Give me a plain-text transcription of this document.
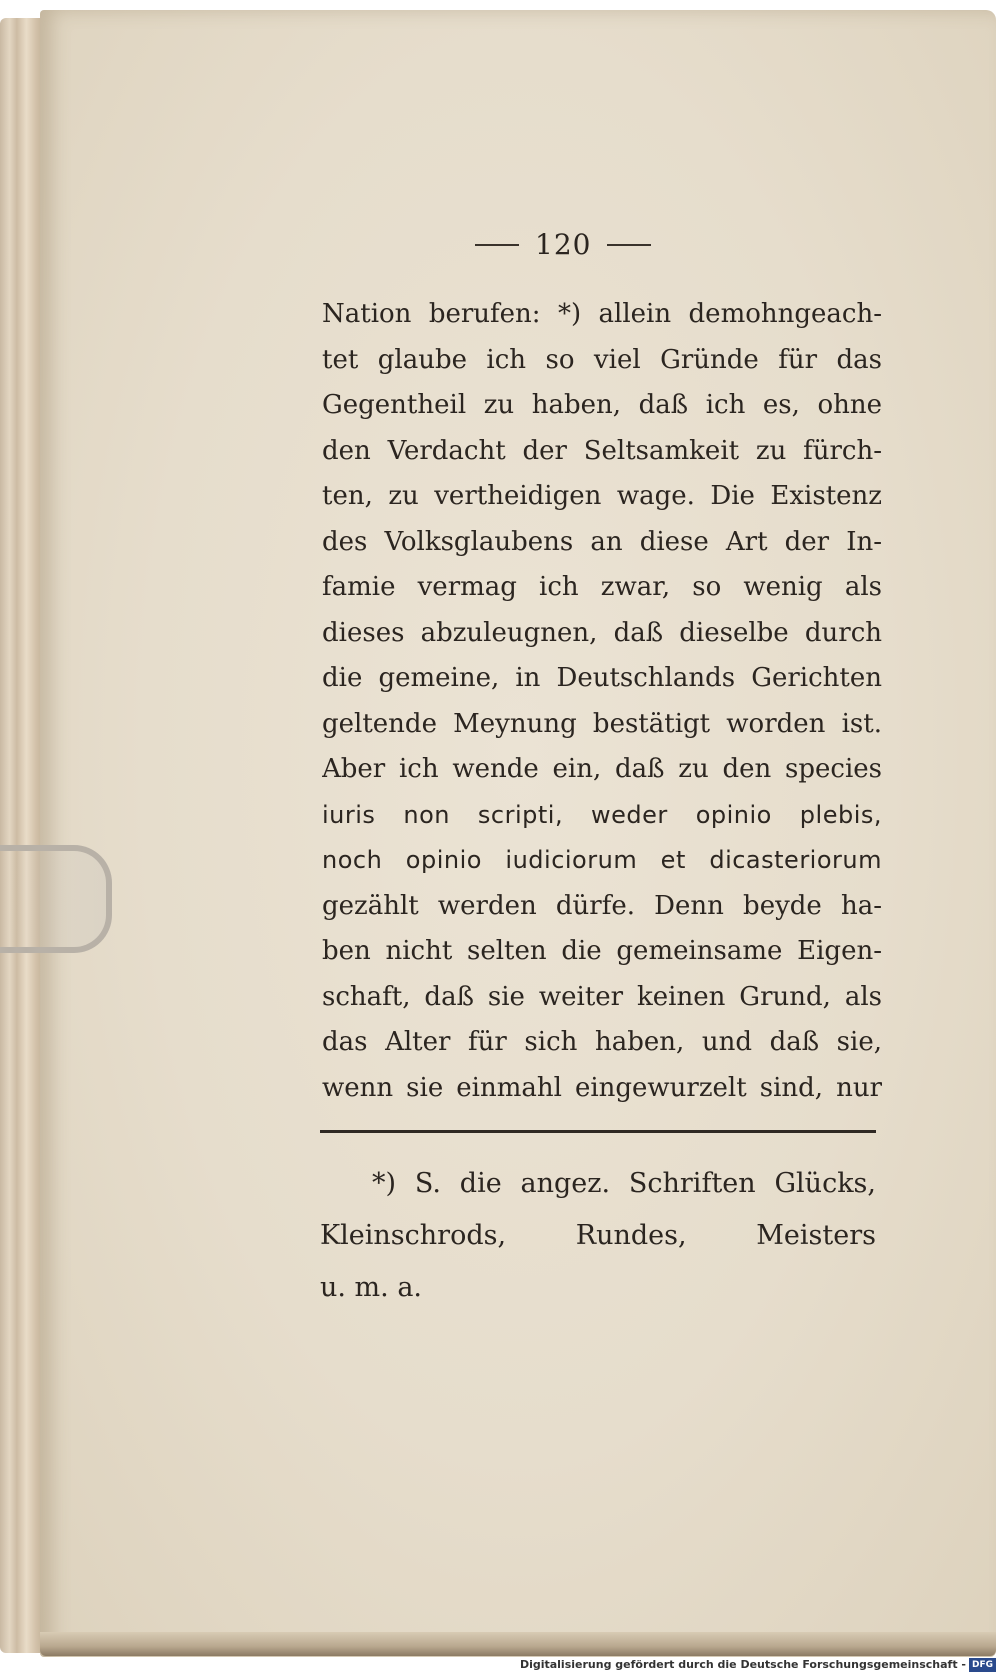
120
Nation berufen: *) allein demohngeach-
tet glaube ich so viel Gründe für das
Gegentheil zu haben, daß ich es, ohne
den Verdacht der Seltsamkeit zu fürch-
ten, zu vertheidigen wage. Die Existenz
des Volksglaubens an diese Art der In-
famie vermag ich zwar, so wenig als
dieses abzuleugnen, daß dieselbe durch
die gemeine, in Deutschlands Gerichten
geltende Meynung bestätigt worden ist.
Aber ich wende ein, daß zu den species
iuris non scripti, weder opinio plebis,
noch opinio iudiciorum et dicasteriorum
gezählt werden dürfe. Denn beyde ha-
ben nicht selten die gemeinsame Eigen-
schaft, daß sie weiter keinen Grund, als
das Alter für sich haben, und daß sie,
wenn sie einmahl eingewurzelt sind, nur
*) S. die angez. Schriften Glücks,
Kleinschrods, Rundes, Meisters
u. m. a.
Digitalisierung gefördert durch die Deutsche Forschungsgemeinschaft - DFG
